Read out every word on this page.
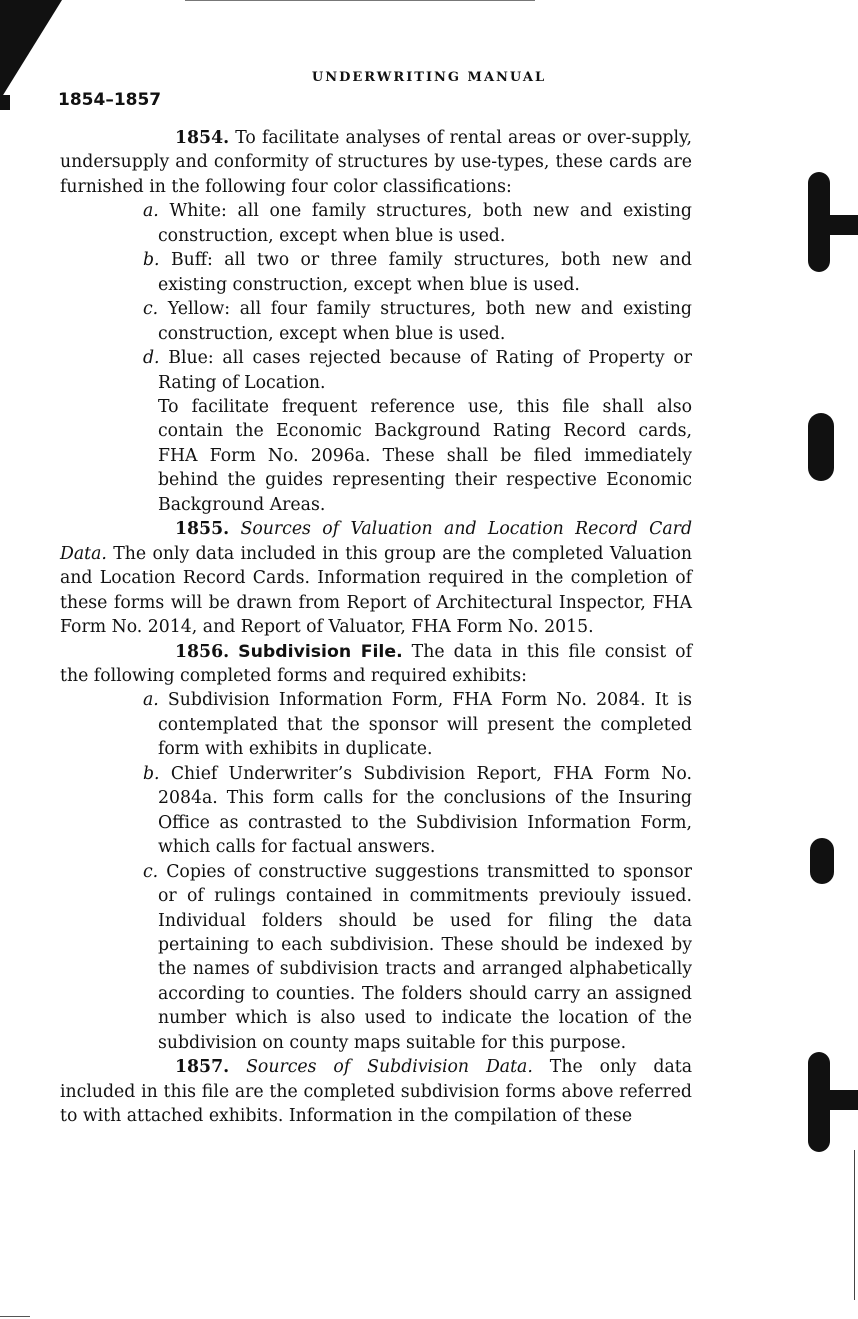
UNDERWRITING MANUAL
1854–1857

1854. To facilitate analyses of rental areas or over-supply, undersupply and conformity of structures by use-types, these cards are furnished in the following four color classifications:

a. White: all one family structures, both new and existing construction, except when blue is used.

b. Buff: all two or three family structures, both new and existing construction, except when blue is used.

c. Yellow: all four family structures, both new and existing construction, except when blue is used.

d. Blue: all cases rejected because of Rating of Property or Rating of Location.

To facilitate frequent reference use, this file shall also contain the Economic Background Rating Record cards, FHA Form No. 2096a. These shall be filed immediately behind the guides representing their respective Economic Background Areas.

1855. Sources of Valuation and Location Record Card Data. The only data included in this group are the completed Valuation and Location Record Cards. Information required in the completion of these forms will be drawn from Report of Architectural Inspector, FHA Form No. 2014, and Report of Valuator, FHA Form No. 2015.

1856. Subdivision File. The data in this file consist of the following completed forms and required exhibits:

a. Subdivision Information Form, FHA Form No. 2084. It is contemplated that the sponsor will present the completed form with exhibits in duplicate.

b. Chief Underwriter’s Subdivision Report, FHA Form No. 2084a. This form calls for the conclusions of the Insuring Office as contrasted to the Subdivision Information Form, which calls for factual answers.

c. Copies of constructive suggestions transmitted to sponsor or of rulings contained in commitments previouly issued. Individual folders should be used for filing the data pertaining to each subdivision. These should be indexed by the names of subdivision tracts and arranged alphabetically according to counties. The folders should carry an assigned number which is also used to indicate the location of the subdivision on county maps suitable for this purpose.

1857. Sources of Subdivision Data. The only data included in this file are the completed subdivision forms above referred to with attached exhibits. Information in the compilation of these
